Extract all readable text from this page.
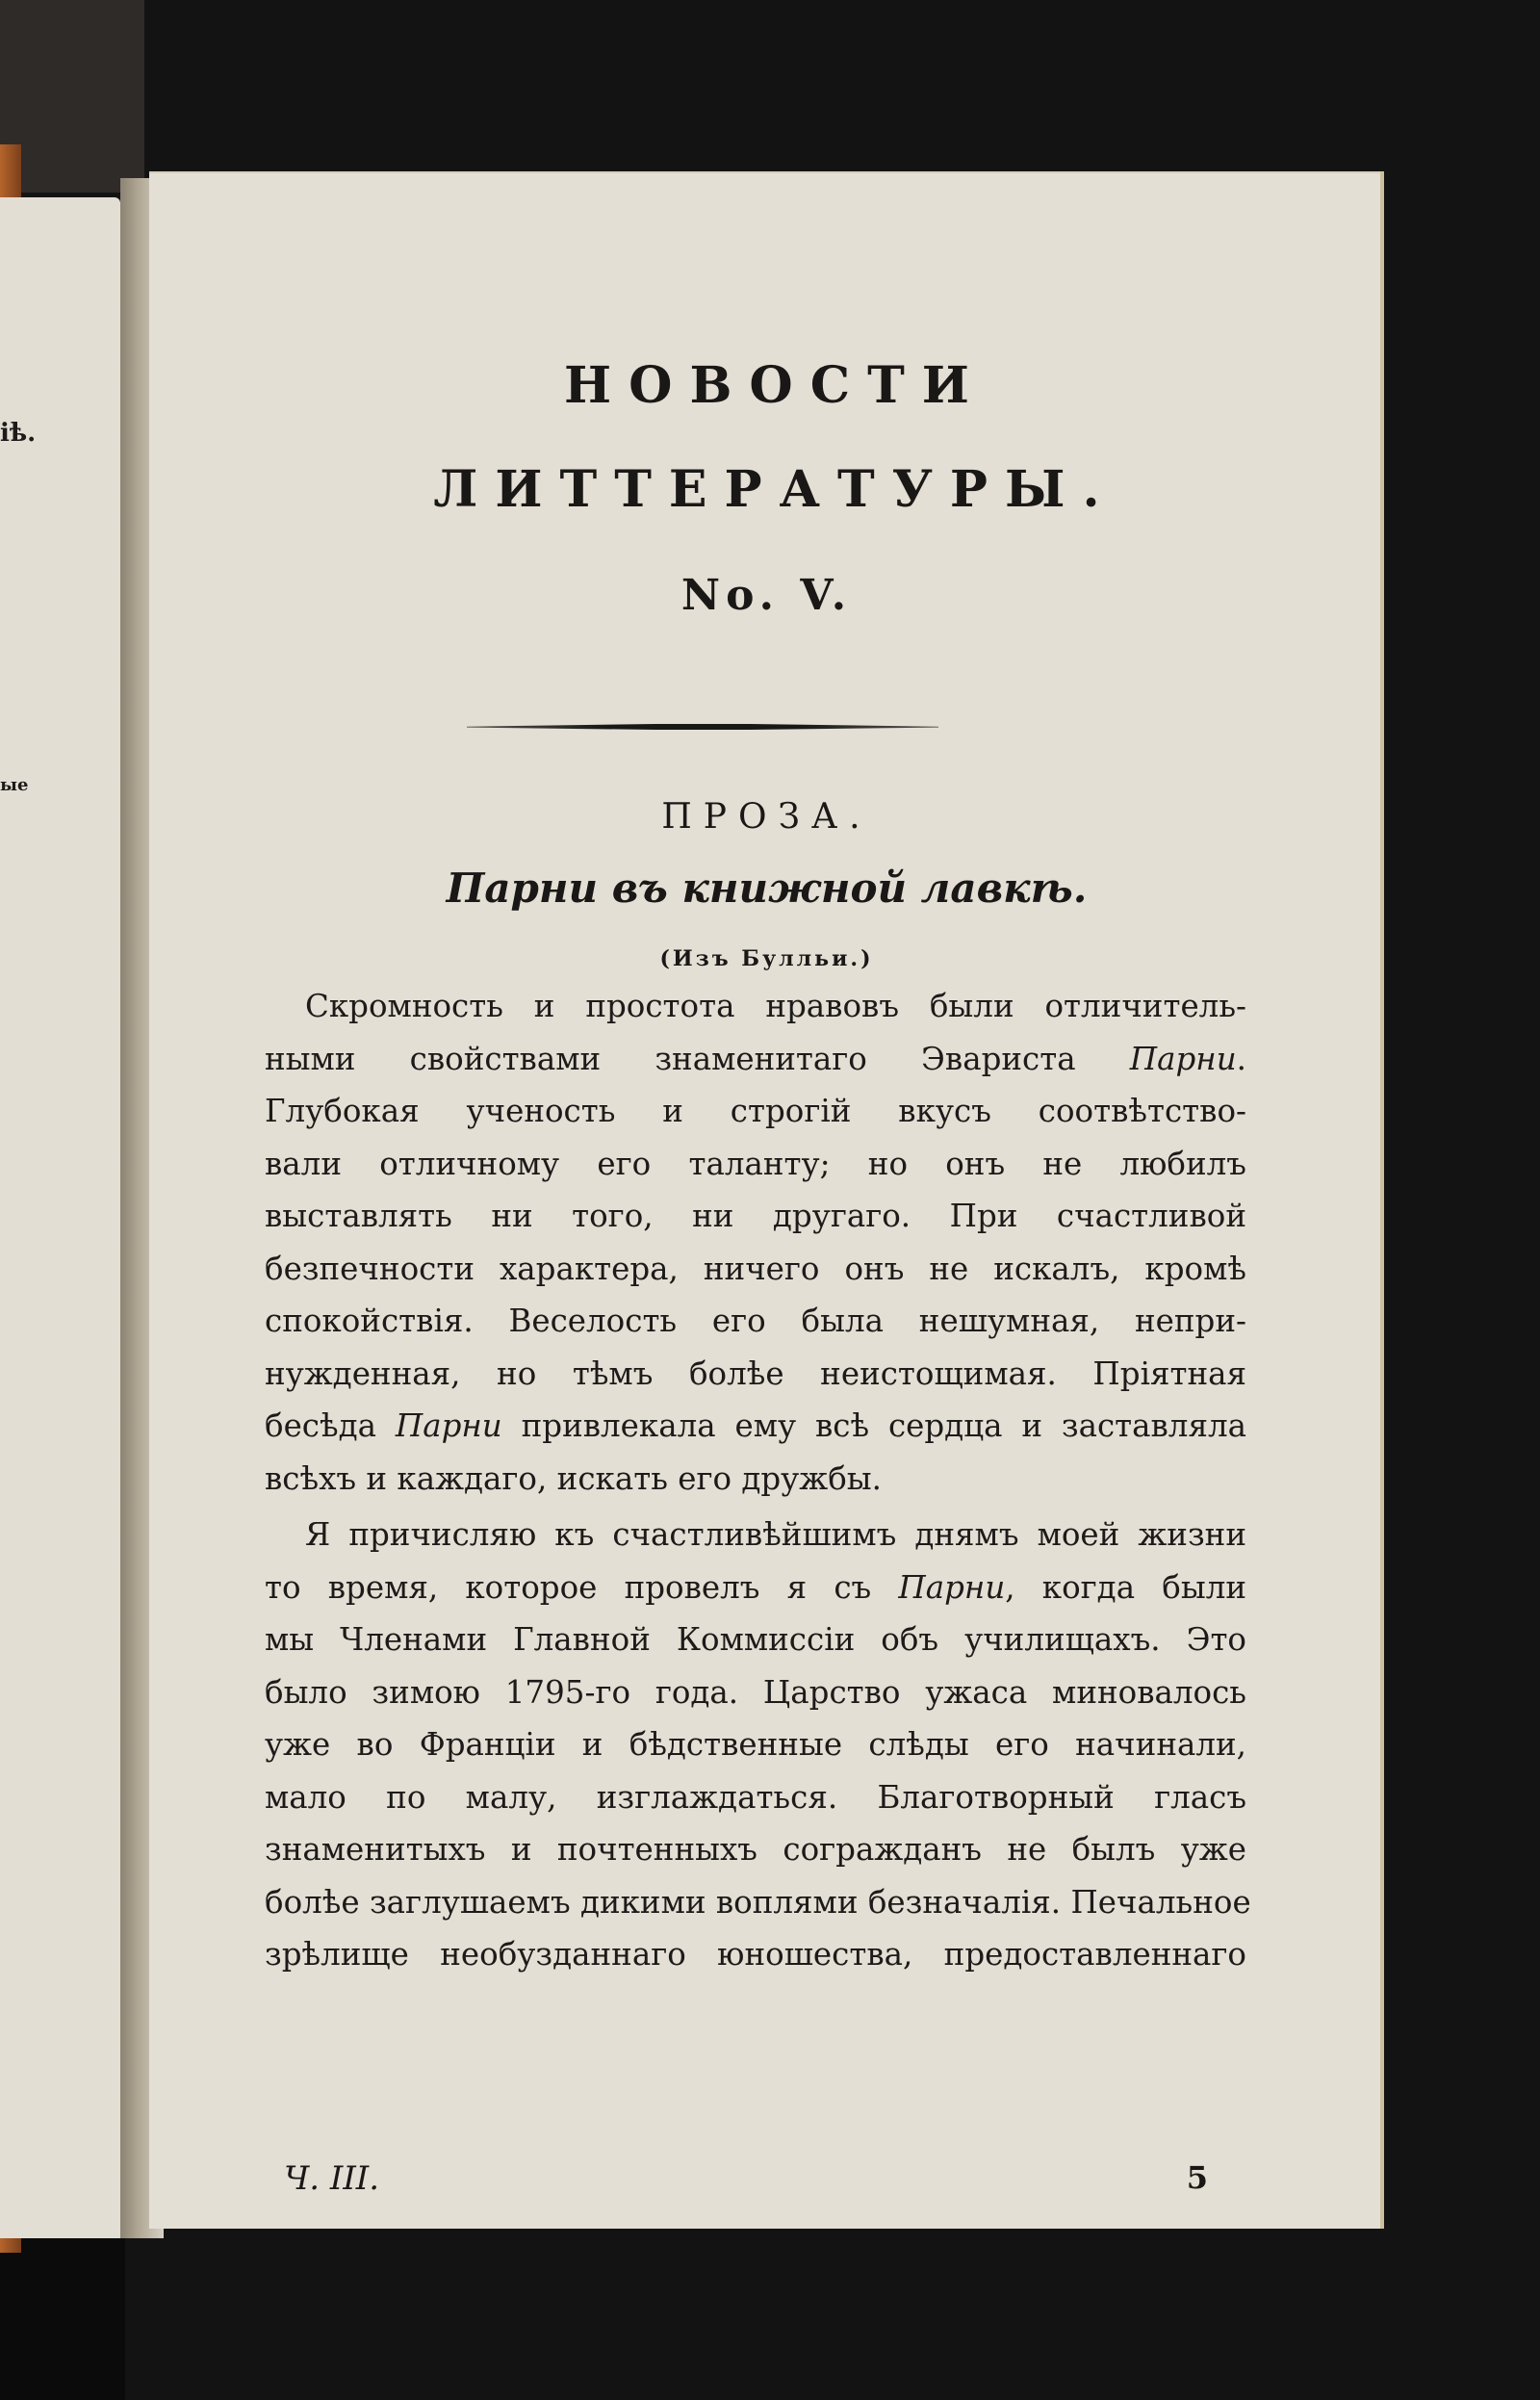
іѣ.
ые
НОВОСТИ
ЛИТТЕРАТУРЫ.
No. V.
ПРОЗА.
Парни въ книжной лавкѣ.
(Изъ Булльи.)
Скромность и простота нравовъ были отличитель-
ными свойствами знаменитаго Эвариста Парни.
Глубокая ученость и строгій вкусъ соотвѣтство-
вали отличному его таланту; но онъ не любилъ
выставлять ни того, ни другаго. При счастливой
безпечности характера, ничего онъ не искалъ, кромѣ
спокойствія. Веселость его была нешумная, непри-
нужденная, но тѣмъ болѣе неистощимая. Пріятная
бесѣда Парни привлекала ему всѣ сердца и заставляла
всѣхъ и каждаго, искать его дружбы.
Я причисляю къ счастливѣйшимъ днямъ моей жизни
то время, которое провелъ я съ Парни, когда были
мы Членами Главной Коммиссіи объ училищахъ. Это
было зимою 1795-го года. Царство ужаса миновалось
уже во Франціи и бѣдственные слѣды его начинали,
мало по малу, изглаждаться. Благотворный гласъ
знаменитыхъ и почтенныхъ согражданъ не былъ уже
болѣе заглушаемъ дикими воплями безначалія. Печальное
зрѣлище необузданнаго юношества, предоставленнаго
Ч. III.	5
